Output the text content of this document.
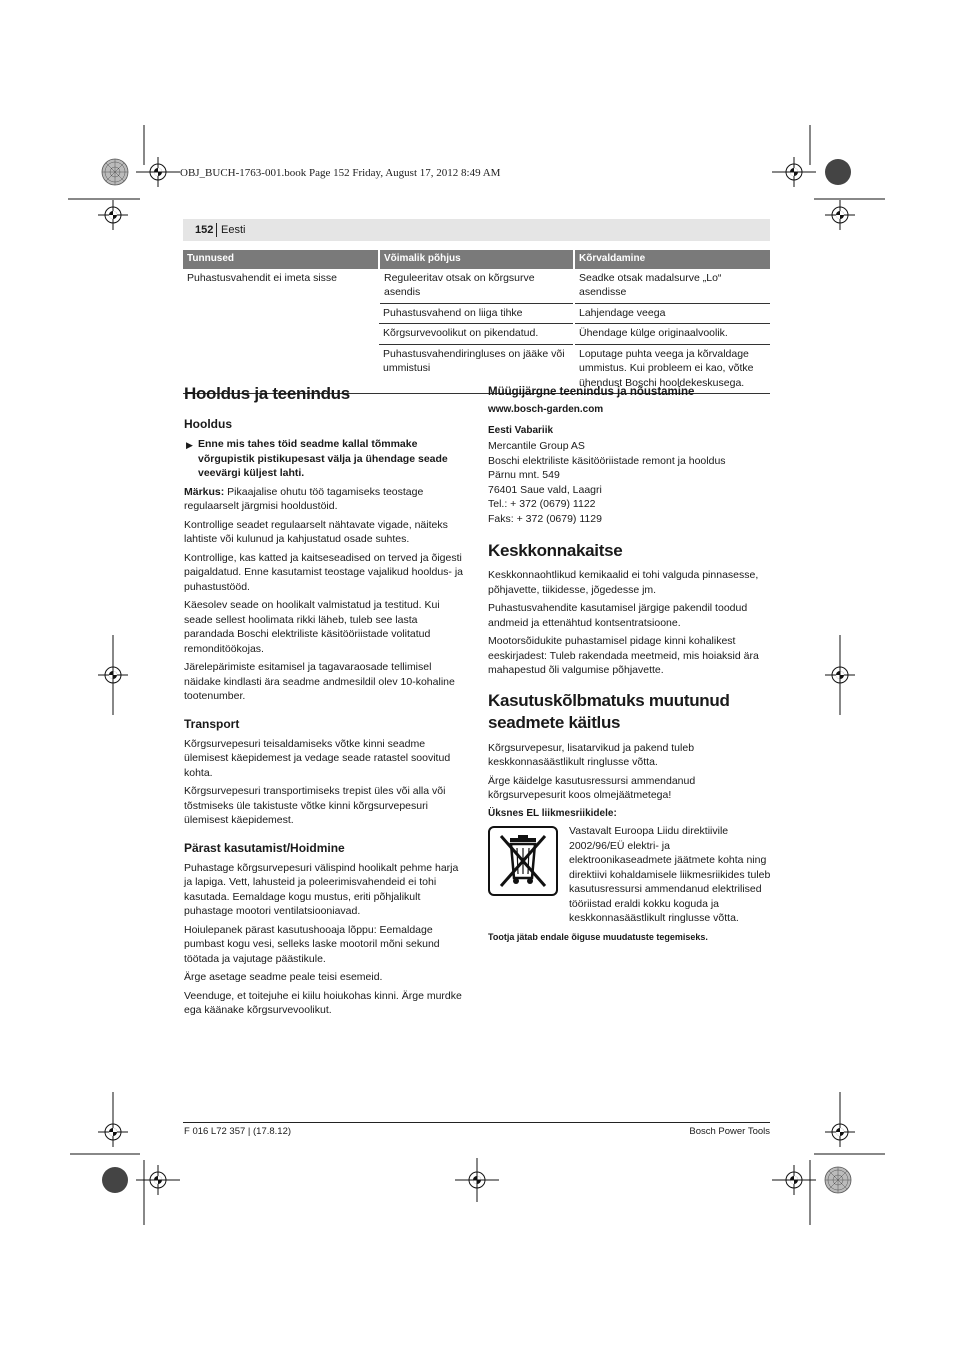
OBJ_BUCH-1763-001.book Page 152 Friday, August 17, 2012 8:49 AM
152 Eesti
Tunnused	Võimalik põhjus	Kõrvaldamine
Puhastusvahendit ei imeta sisse	Reguleeritav otsak on kõrgsurve asendis	Seadke otsak madalsurve „Lo“ asendisse
	Puhastusvahend on liiga tihke	Lahjendage veega
	Kõrgsurvevoolikut on pikendatud.	Ühendage külge originaalvoolik.
	Puhastusvahendiringluses on jääke või ummistusi	Loputage puhta veega ja kõrvaldage ummistus. Kui probleem ei kao, võtke ühendust Boschi hooldekeskusega.
Hooldus ja teenindus
Hooldus
▶ Enne mis tahes töid seadme kallal tõmmake võrgupistik pistikupesast välja ja ühendage seade veevärgi küljest lahti.

Märkus: Pikaajalise ohutu töö tagamiseks teostage regulaarselt järgmisi hooldustöid.

Kontrollige seadet regulaarselt nähtavate vigade, näiteks lahtiste või kulunud ja kahjustatud osade suhtes.

Kontrollige, kas katted ja kaitseseadised on terved ja õigesti paigaldatud. Enne kasutamist teostage vajalikud hooldus- ja puhastustööd.

Käesolev seade on hoolikalt valmistatud ja testitud. Kui seade sellest hoolimata rikki läheb, tuleb see lasta parandada Boschi elektriliste käsitööriistade volitatud remonditöökojas.

Järelepärimiste esitamisel ja tagavaraosade tellimisel näidake kindlasti ära seadme andmesildil olev 10-kohaline tootenumber.

Transport

Kõrgsurvepesuri teisaldamiseks võtke kinni seadme ülemisest käepidemest ja vedage seade ratastel soovitud kohta.

Kõrgsurvepesuri transportimiseks trepist üles või alla või tõstmiseks üle takistuste võtke kinni kõrgsurvepesuri ülemisest käepidemest.

Pärast kasutamist/Hoidmine

Puhastage kõrgsurvepesuri välispind hoolikalt pehme harja ja lapiga. Vett, lahusteid ja poleerimisvahendeid ei tohi kasutada. Eemaldage kogu mustus, eriti põhjalikult puhastage mootori ventilatsiooniavad.

Hoiulepanek pärast kasutushooaja lõppu: Eemaldage pumbast kogu vesi, selleks laske mootoril mõni sekund töötada ja vajutage päästikule.

Ärge asetage seadme peale teisi esemeid.

Veenduge, et toitejuhe ei kiilu hoiukohas kinni. Ärge murdke ega käänake kõrgsurvevoolikut.

Müügijärgne teenindus ja nõustamine

www.bosch-garden.com

Eesti Vabariik

Mercantile Group AS
Boschi elektriliste käsitööriistade remont ja hooldus
Pärnu mnt. 549
76401 Saue vald, Laagri
Tel.: + 372 (0679) 1122
Faks: + 372 (0679) 1129
Keskkonnakaitse

Keskkonnaohtlikud kemikaalid ei tohi valguda pinnasesse, põhjavette, tiikidesse, jõgedesse jm.

Puhastusvahendite kasutamisel järgige pakendil toodud andmeid ja ettenähtud kontsentratsioone.

Mootorsõidukite puhastamisel pidage kinni kohalikest eeskirjadest: Tuleb rakendada meetmeid, mis hoiaksid ära mahapestud õli valgumise põhjavette.

Kasutuskõlbmatuks muutunud seadmete käitlus

Kõrgsurvepesur, lisatarvikud ja pakend tuleb keskkonnasäästlikult ringlusse võtta.

Ärge käidelge kasutusressursi ammendanud kõrgsurvepesurit koos olmejäätmetega!

Üksnes EL liikmesriikidele:

Vastavalt Euroopa Liidu direktiivile 2002/96/EÜ elektri- ja elektroonikaseadmete jäätmete kohta ning direktiivi kohaldamisele liikmesriikides tuleb kasutusressursi ammendanud elektrilised tööriistad eraldi kokku koguda ja keskkonnasäästlikult ringlusse võtta.

Tootja jätab endale õiguse muudatuste tegemiseks.

F 016 L72 357 | (17.8.12)	Bosch Power Tools
